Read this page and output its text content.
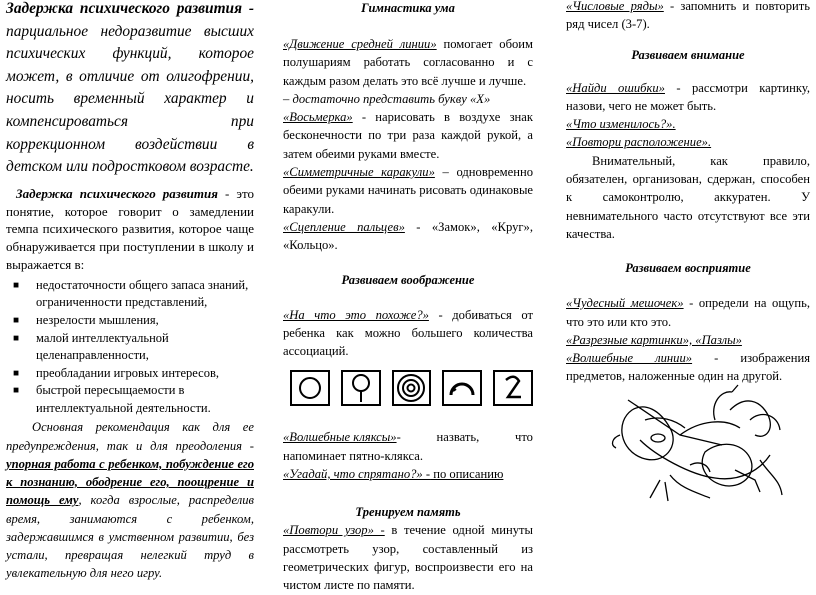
Задержка психического развития - парциальное недоразвитие высших психических функций, которое может, в отличие от олигофрении, носить временный характер и компенсироваться при коррекционном воздействии в детском или подростковом возрасте.

Задержка психического развития - это понятие, которое говорит о замедлении темпа психического развития, которое чаще обнаруживается при поступлении в школу и выражается в:

■ недостаточности общего запаса знаний, ограниченности представлений,
■ незрелости мышления,
■ малой интеллектуальной целенаправленности,
■ преобладании игровых интересов,
■ быстрой пересыщаемости в интеллектуальной деятельности.

Основная рекомендация как для ее предупреждения, так и для преодоления - упорная работа с ребенком, побуждение его к познанию, ободрение его, поощрение и помощь ему, когда взрослые, распределив время, занимаются с ребенком, задержавшимся в умственном развитии, без устали, превращая нелегкий труд в увлекательную для него игру.

Гимнастика ума

«Движение средней линии» помогает обоим полушариям работать согласованно и с каждым разом делать это всё лучше и лучше.

– достаточно представить букву «Х»

«Восьмерка» - нарисовать в воздухе знак бесконечности по три раза каждой рукой, а затем обеими руками вместе.

«Симметричные каракули» – одновременно обеими руками начинать рисовать одинаковые каракули.

«Сцепление пальцев» - «Замок», «Круг», «Кольцо».

Развиваем воображение

«На что это похоже?» - добиваться от ребенка как можно большего количества ассоциаций.

«Волшебные кляксы»-	назвать,	что

напоминает пятно-клякса.

«Угадай, что спрятано?» - по описанию

Тренируем память

«Повтори узор» - в течение одной минуты рассмотреть узор, составленный из геометрических фигур, воспроизвести его на чистом листе по памяти.

«Числовые ряды» - запомнить и повторить ряд чисел (3-7).

Развиваем внимание

«Найди ошибки» - рассмотри картинку, назови, чего не может быть.

«Что изменилось?».

«Повтори расположение».

Внимательный, как правило, обязателен, организован, сдержан, способен к самоконтролю, аккуратен. У невнимательного часто отсутствуют все эти качества.

Развиваем восприятие

«Чудесный мешочек» - определи на ощупь, что это или кто это.

«Разрезные картинки», «Пазлы»

«Волшебные линии» - изображения предметов, наложенные один на другой.
